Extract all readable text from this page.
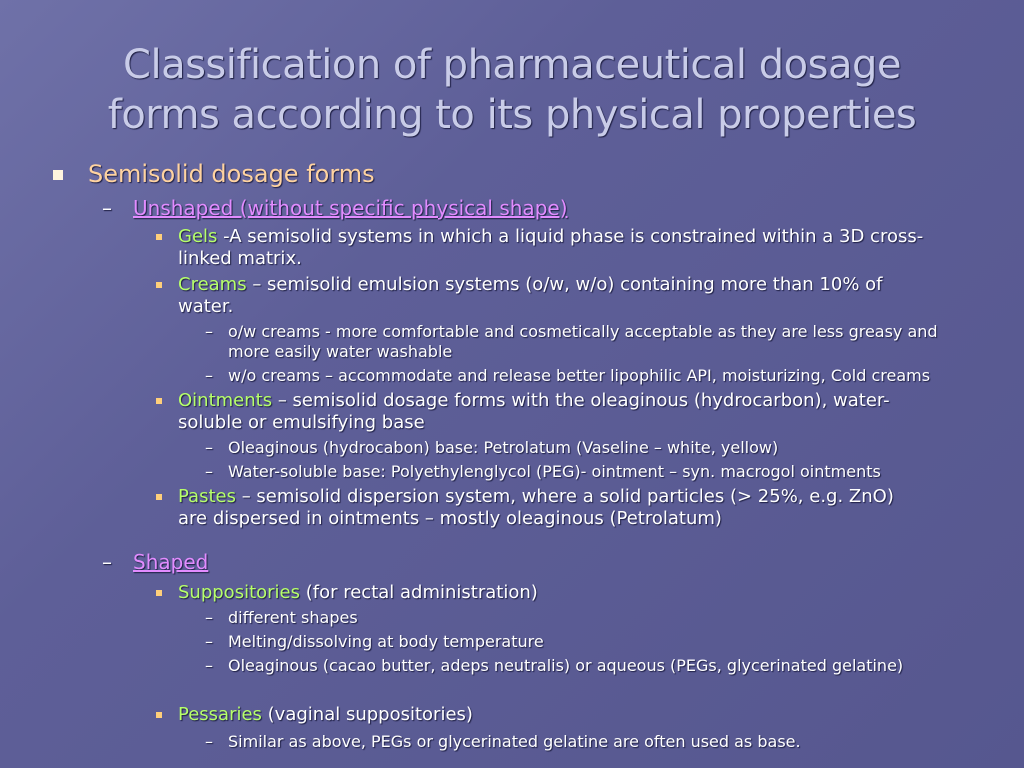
Classification of pharmaceutical dosage
forms according to its physical properties
Semisolid dosage forms
– Unshaped (without specific physical shape)
Gels -A semisolid systems in which a liquid phase is constrained within a 3D cross-
linked matrix.
Creams – semisolid emulsion systems (o/w, w/o) containing more than 10% of
water.
– o/w creams - more comfortable and cosmetically acceptable as they are less greasy and
more easily water washable
– w/o creams – accommodate and release better lipophilic API, moisturizing, Cold creams
Ointments – semisolid dosage forms with the oleaginous (hydrocarbon), water-
soluble or emulsifying base
– Oleaginous (hydrocabon) base: Petrolatum (Vaseline – white, yellow)
– Water-soluble base: Polyethylenglycol (PEG)- ointment – syn. macrogol ointments
Pastes – semisolid dispersion system, where a solid particles (> 25%, e.g. ZnO)
are dispersed in ointments – mostly oleaginous (Petrolatum)
– Shaped
Suppositories (for rectal administration)
– different shapes
– Melting/dissolving at body temperature
– Oleaginous (cacao butter, adeps neutralis) or aqueous (PEGs, glycerinated gelatine)
Pessaries (vaginal suppositories)
– Similar as above, PEGs or glycerinated gelatine are often used as base.
